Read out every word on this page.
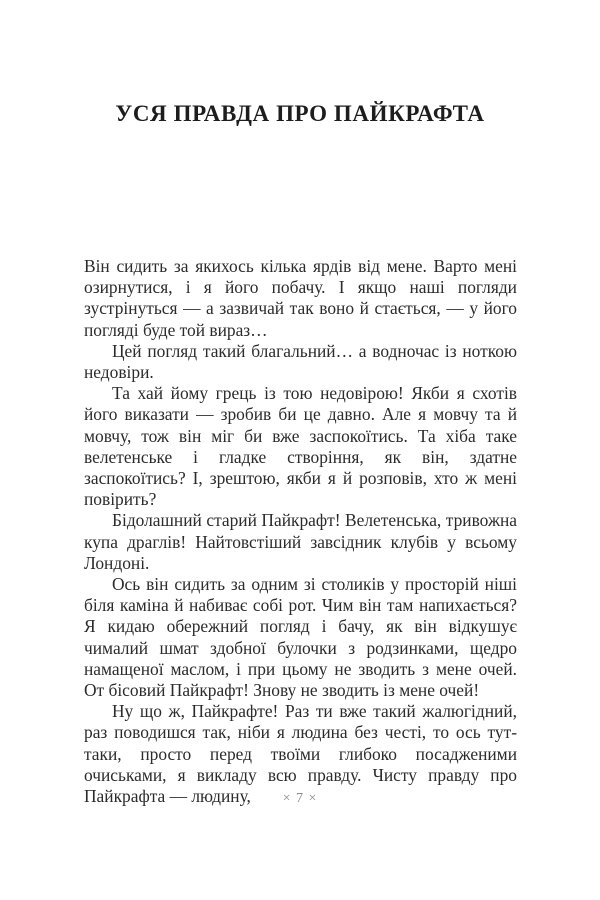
УСЯ ПРАВДА ПРО ПАЙКРАФТА

Він сидить за якихось кілька ярдів від мене. Варто мені озирнутися, і я його побачу. І якщо наші погляди зустрінуться — а зазвичай так воно й стається, — у його погляді буде той вираз…

Цей погляд такий благальний… а водночас із ноткою недовіри.

Та хай йому грець із тою недовірою! Якби я схотів його виказати — зробив би це давно. Але я мовчу та й мовчу, тож він міг би вже заспокоїтись. Та хіба таке велетенське і гладке створіння, як він, здатне заспокоїтись? І, зрештою, якби я й розповів, хто ж мені повірить?

Бідолашний старий Пайкрафт! Велетенська, тривожна купа драглів! Найтовстіший завсідник клубів у всьому Лондоні.

Ось він сидить за одним зі столиків у просторій ніші біля каміна й набиває собі рот. Чим він там напихається? Я кидаю обережний погляд і бачу, як він відкушує чималий шмат здобної булочки з родзинками, щедро намащеної маслом, і при цьому не зводить з мене очей. От бісовий Пайкрафт! Знову не зводить із мене очей!

Ну що ж, Пайкрафте! Раз ти вже такий жалюгідний, раз поводишся так, ніби я людина без честі, то ось тут-таки, просто перед твоїми глибоко посадженими очиськами, я викладу всю правду. Чисту правду про Пайкрафта — людину,	× 7 ×
